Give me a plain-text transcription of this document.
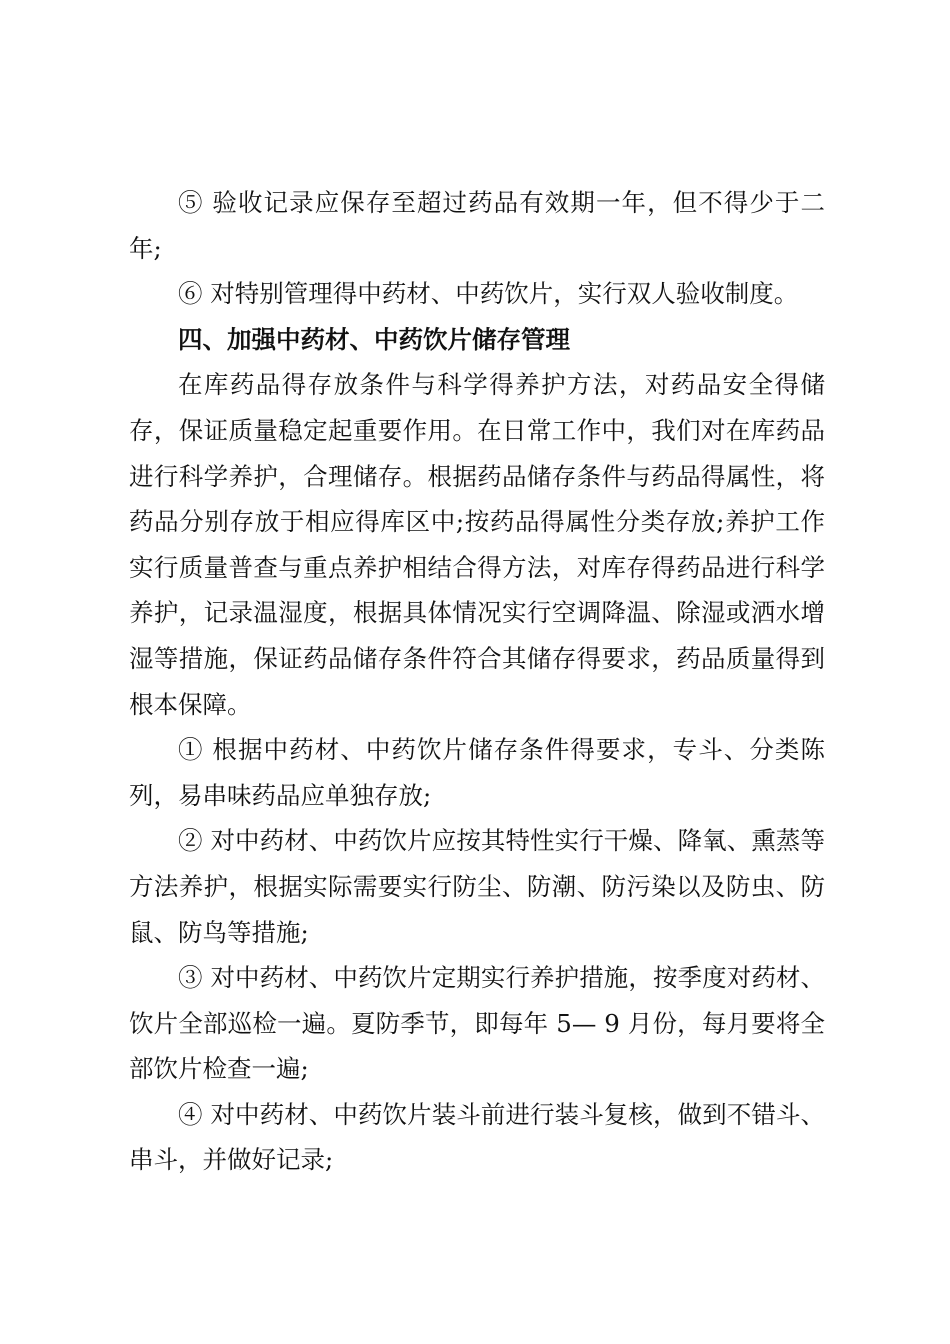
⑤ 验收记录应保存至超过药品有效期一年，但不得少于二年;

⑥ 对特别管理得中药材、中药饮片，实行双人验收制度。

四、加强中药材、中药饮片储存管理

在库药品得存放条件与科学得养护方法，对药品安全得储存，保证质量稳定起重要作用。在日常工作中，我们对在库药品进行科学养护，合理储存。根据药品储存条件与药品得属性，将药品分别存放于相应得库区中;按药品得属性分类存放;养护工作实行质量普查与重点养护相结合得方法，对库存得药品进行科学养护，记录温湿度，根据具体情况实行空调降温、除湿或洒水增湿等措施，保证药品储存条件符合其储存得要求，药品质量得到根本保障。

① 根据中药材、中药饮片储存条件得要求，专斗、分类陈列，易串味药品应单独存放;

② 对中药材、中药饮片应按其特性实行干燥、降氧、熏蒸等方法养护，根据实际需要实行防尘、防潮、防污染以及防虫、防鼠、防鸟等措施;

③ 对中药材、中药饮片定期实行养护措施，按季度对药材、饮片全部巡检一遍。夏防季节，即每年 5— 9 月份，每月要将全部饮片检查一遍;

④ 对中药材、中药饮片装斗前进行装斗复核，做到不错斗、串斗，并做好记录;
